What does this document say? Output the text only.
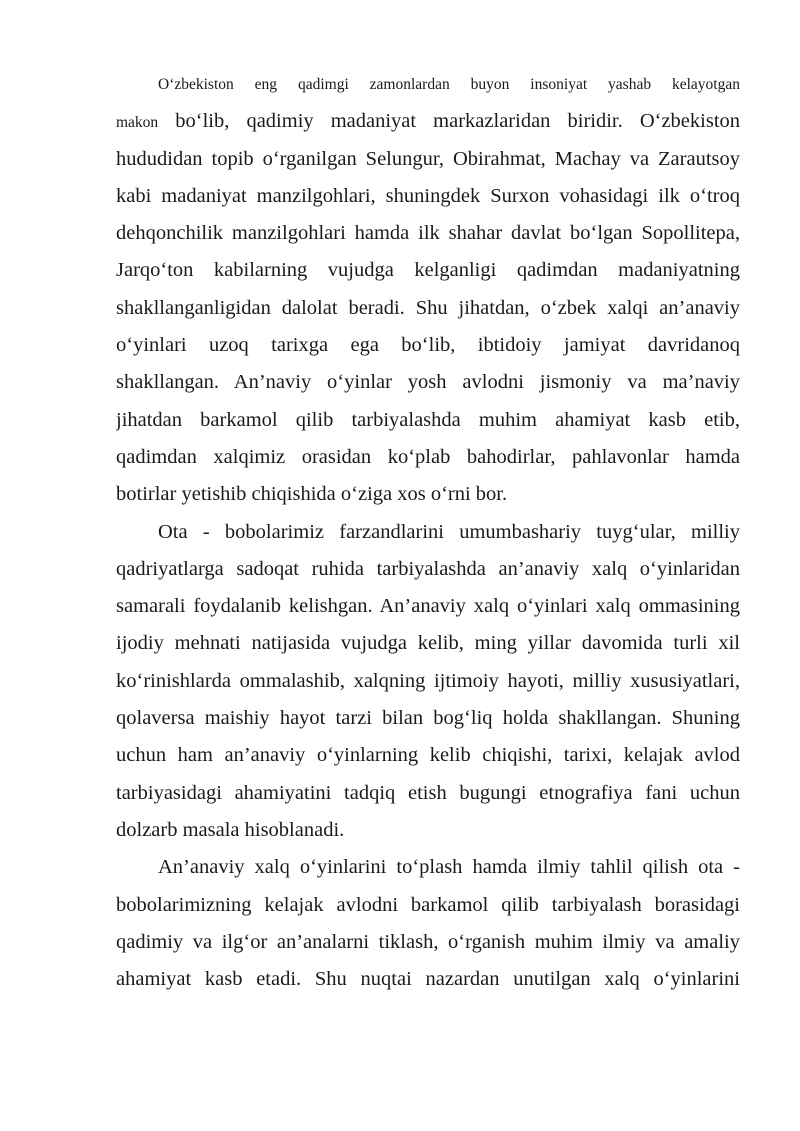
O‘zbekiston eng qadimgi zamonlardan buyon insoniyat yashab kelayotgan
makon bo‘lib, qadimiy madaniyat markazlaridan biridir. O‘zbekiston
hududidan topib o‘rganilgan Selungur, Obirahmat, Machay va Zarautsoy
kabi madaniyat manzilgohlari, shuningdek Surxon vohasidagi ilk o‘troq
dehqonchilik manzilgohlari hamda ilk shahar davlat bo‘lgan Sopollitepa,
Jarqo‘ton kabilarning vujudga kelganligi qadimdan madaniyatning
shakllanganligidan dalolat beradi. Shu jihatdan, o‘zbek xalqi an’anaviy
o‘yinlari uzoq tarixga ega bo‘lib, ibtidoiy jamiyat davridanoq
shakllangan. An’naviy o‘yinlar yosh avlodni jismoniy va ma’naviy
jihatdan barkamol qilib tarbiyalashda muhim ahamiyat kasb etib,
qadimdan xalqimiz orasidan ko‘plab bahodirlar, pahlavonlar hamda
botirlar yetishib chiqishida o‘ziga xos o‘rni bor.
Ota - bobolarimiz farzandlarini umumbashariy tuyg‘ular, milliy
qadriyatlarga sadoqat ruhida tarbiyalashda an’anaviy xalq o‘yinlaridan
samarali foydalanib kelishgan. An’anaviy xalq o‘yinlari xalq ommasining
ijodiy mehnati natijasida vujudga kelib, ming yillar davomida turli xil
ko‘rinishlarda ommalashib, xalqning ijtimoiy hayoti, milliy xususiyatlari,
qolaversa maishiy hayot tarzi bilan bog‘liq holda shakllangan. Shuning
uchun ham an’anaviy o‘yinlarning kelib chiqishi, tarixi, kelajak avlod
tarbiyasidagi ahamiyatini tadqiq etish bugungi etnografiya fani uchun
dolzarb masala hisoblanadi.
An’anaviy xalq o‘yinlarini to‘plash hamda ilmiy tahlil qilish ota -
bobolarimizning kelajak avlodni barkamol qilib tarbiyalash borasidagi
qadimiy va ilg‘or an’analarni tiklash, o‘rganish muhim ilmiy va amaliy
ahamiyat kasb etadi. Shu nuqtai nazardan unutilgan xalq o‘yinlarini
